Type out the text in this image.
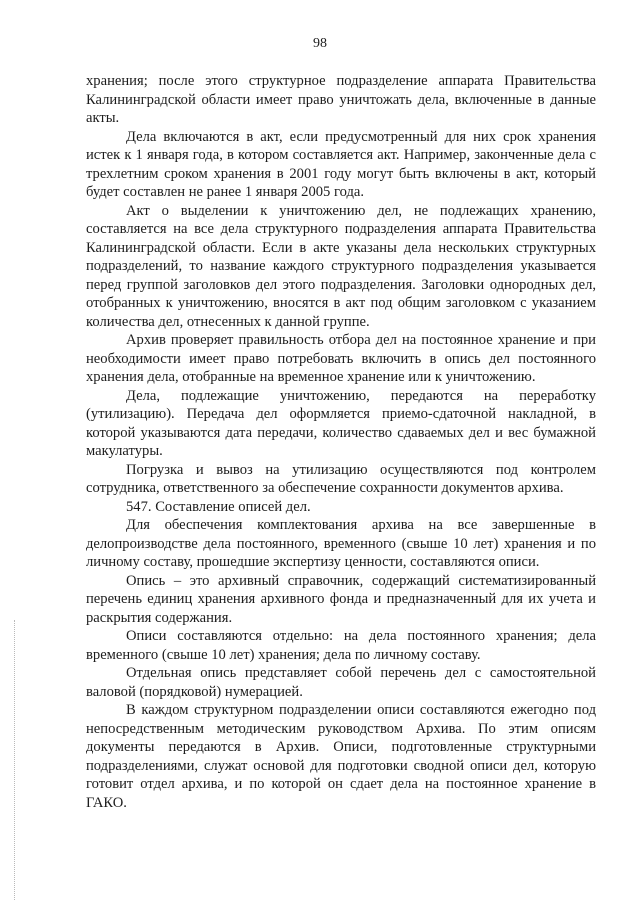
98

хранения; после этого структурное подразделение аппарата Правительства Калининградской области имеет право уничтожать дела, включенные в данные акты.

Дела включаются в акт, если предусмотренный для них срок хранения истек к 1 января года, в котором составляется акт. Например, законченные дела с трехлетним сроком хранения в 2001 году могут быть включены в акт, который будет составлен не ранее 1 января 2005 года.

Акт о выделении к уничтожению дел, не подлежащих хранению, составляется на все дела структурного подразделения аппарата Правительства Калининградской области. Если в акте указаны дела нескольких структурных подразделений, то название каждого структурного подразделения указывается перед группой заголовков дел этого подразделения. Заголовки однородных дел, отобранных к уничтожению, вносятся в акт под общим заголовком с указанием количества дел, отнесенных к данной группе.

Архив проверяет правильность отбора дел на постоянное хранение и при необходимости имеет право потребовать включить в опись дел постоянного хранения дела, отобранные на временное хранение или к уничтожению.

Дела, подлежащие уничтожению, передаются на переработку (утилизацию). Передача дел оформляется приемо-сдаточной накладной, в которой указываются дата передачи, количество сдаваемых дел и вес бумажной макулатуры.

Погрузка и вывоз на утилизацию осуществляются под контролем сотрудника, ответственного за обеспечение сохранности документов архива.

547. Составление описей дел.

Для обеспечения комплектования архива на все завершенные в делопроизводстве дела постоянного, временного (свыше 10 лет) хранения и по личному составу, прошедшие экспертизу ценности, составляются описи.

Опись – это архивный справочник, содержащий систематизированный перечень единиц хранения архивного фонда и предназначенный для их учета и раскрытия содержания.

Описи составляются отдельно: на дела постоянного хранения; дела временного (свыше 10 лет) хранения; дела по личному составу.

Отдельная опись представляет собой перечень дел с самостоятельной валовой (порядковой) нумерацией.

В каждом структурном подразделении описи составляются ежегодно под непосредственным методическим руководством Архива. По этим описям документы передаются в Архив. Описи, подготовленные структурными подразделениями, служат основой для подготовки сводной описи дел, которую готовит отдел архива, и по которой он сдает дела на постоянное хранение в ГАКО.
